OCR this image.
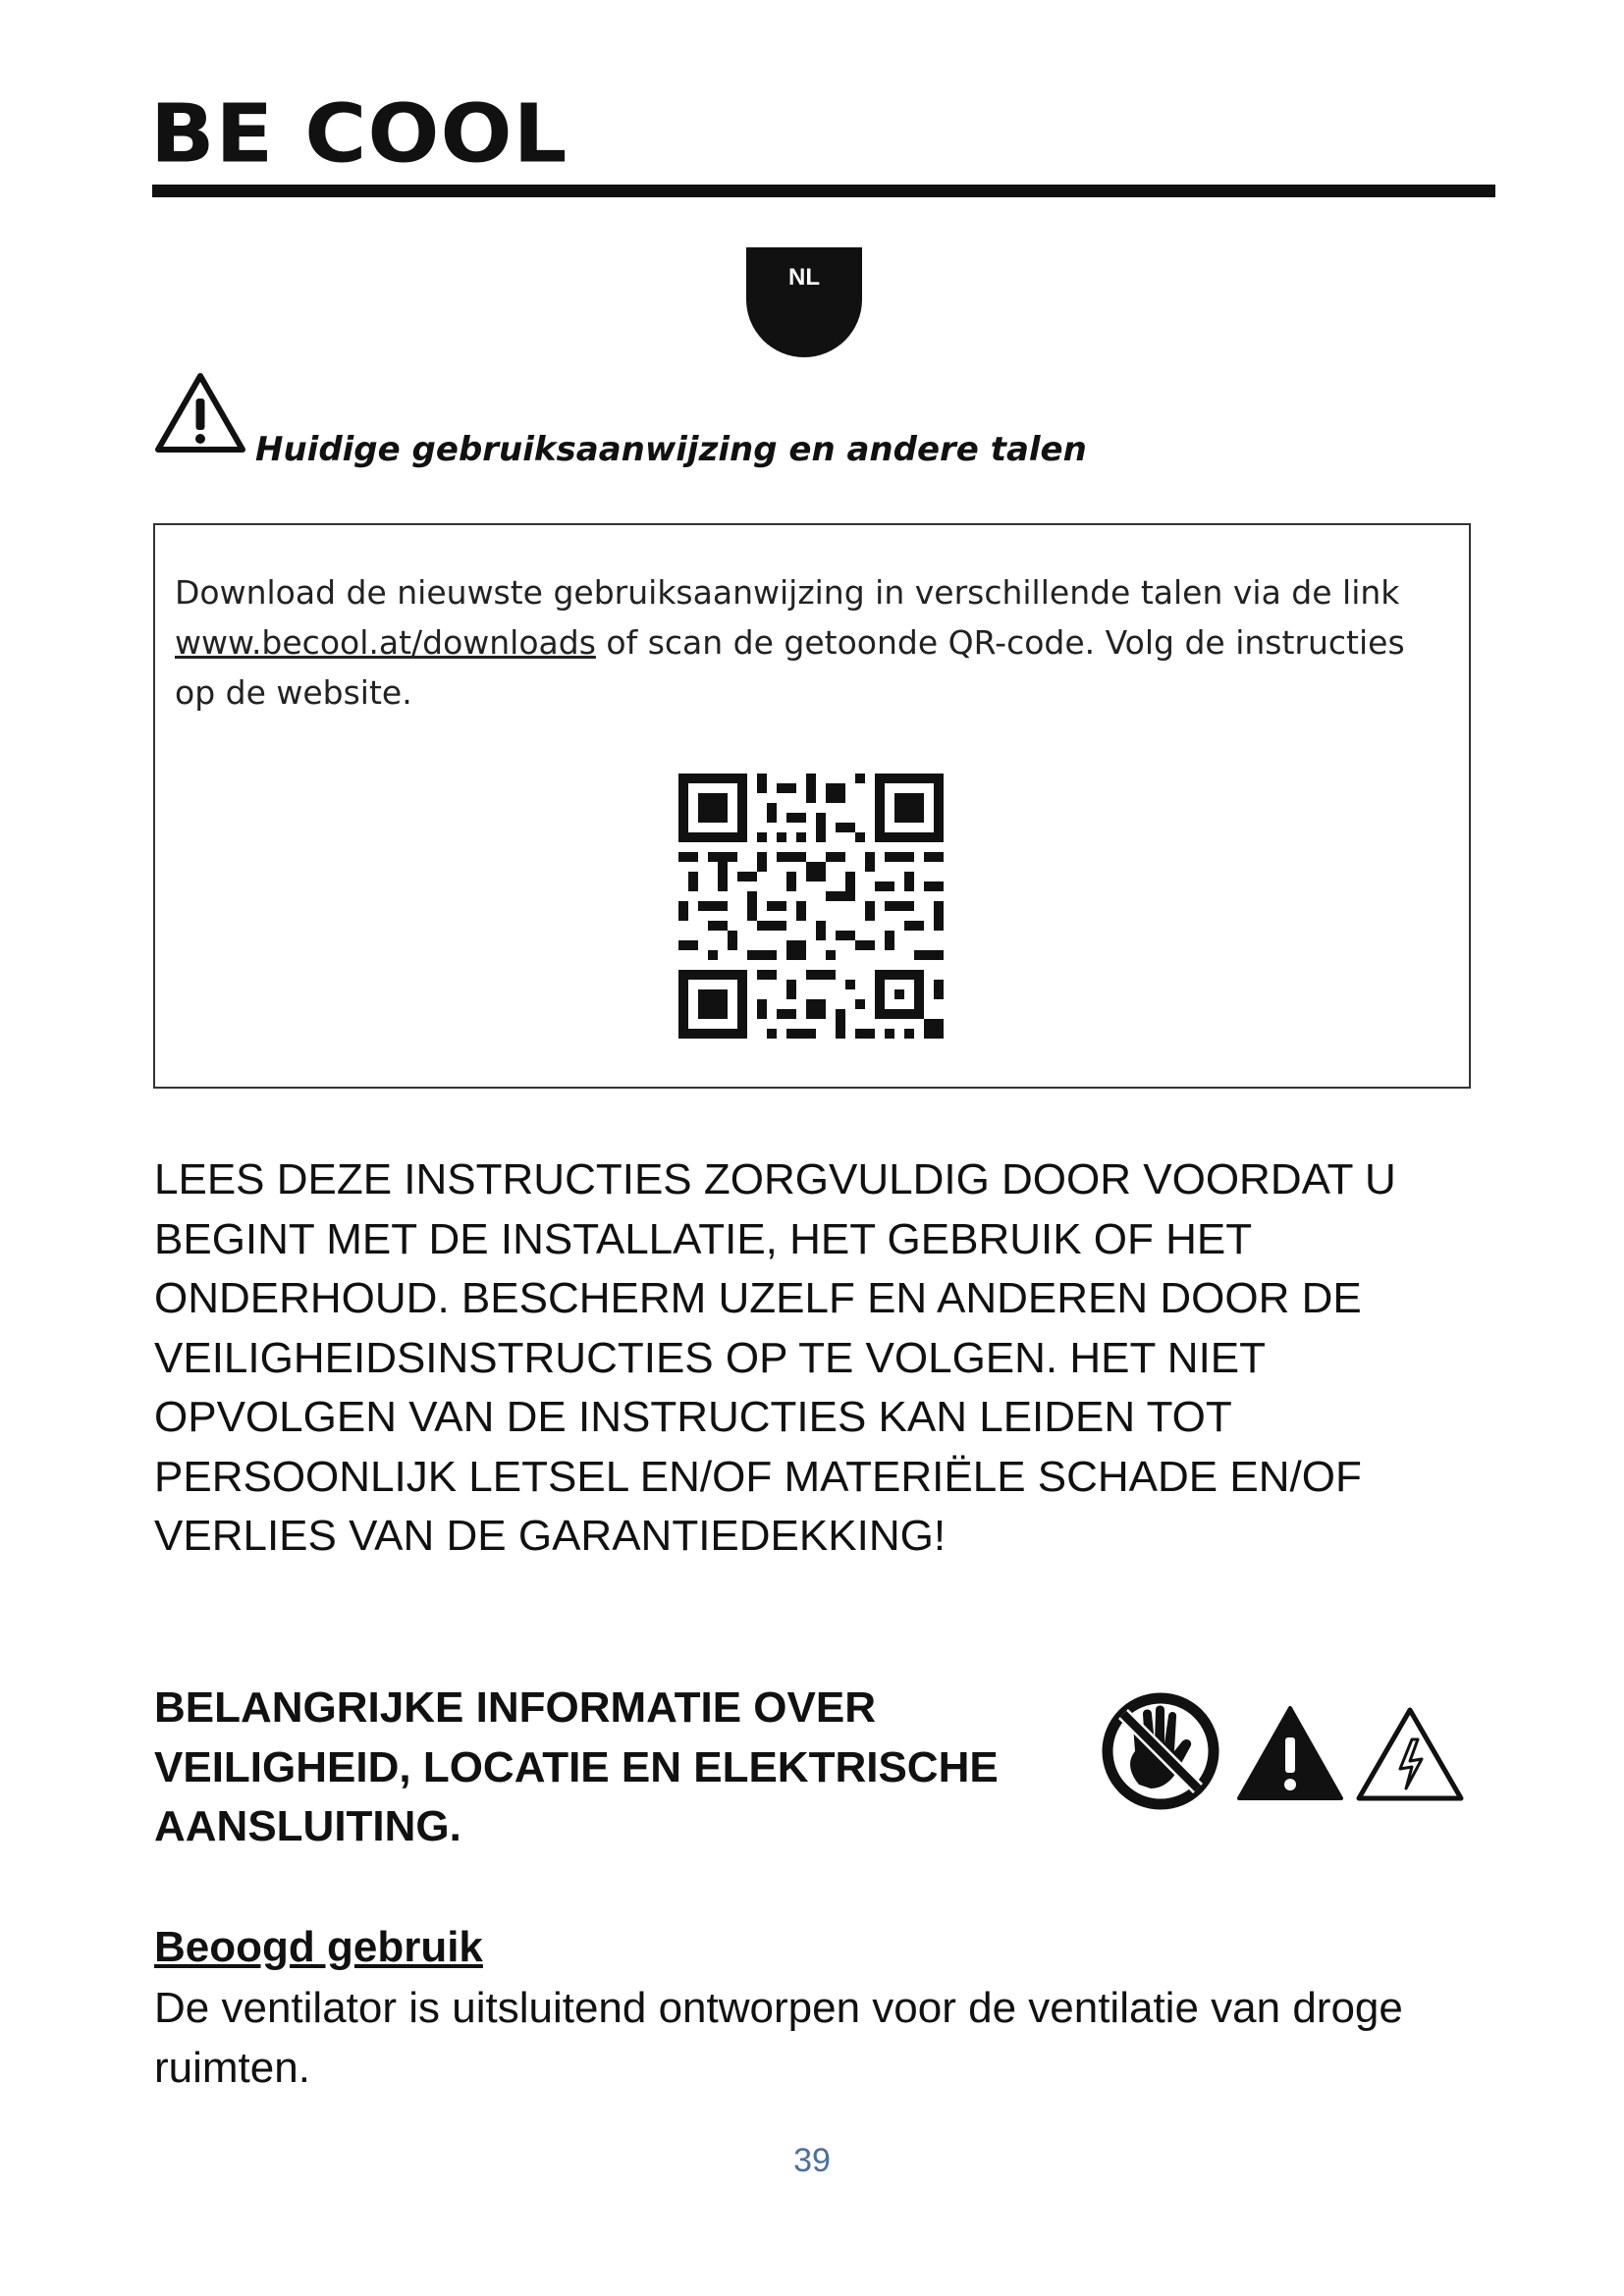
BE COOL
NL
Huidige gebruiksaanwijzing en andere talen
Download de nieuwste gebruiksaanwijzing in verschillende talen via de link www.becool.at/downloads of scan de getoonde QR-code. Volg de instructies op de website.
LEES DEZE INSTRUCTIES ZORGVULDIG DOOR VOORDAT U BEGINT MET DE INSTALLATIE, HET GEBRUIK OF HET ONDERHOUD. BESCHERM UZELF EN ANDEREN DOOR DE VEILIGHEIDSINSTRUCTIES OP TE VOLGEN. HET NIET OPVOLGEN VAN DE INSTRUCTIES KAN LEIDEN TOT PERSOONLIJK LETSEL EN/OF MATERIËLE SCHADE EN/OF VERLIES VAN DE GARANTIEDEKKING!
BELANGRIJKE INFORMATIE OVER VEILIGHEID, LOCATIE EN ELEKTRISCHE AANSLUITING.
Beoogd gebruik
De ventilator is uitsluitend ontworpen voor de ventilatie van droge ruimten.
39
